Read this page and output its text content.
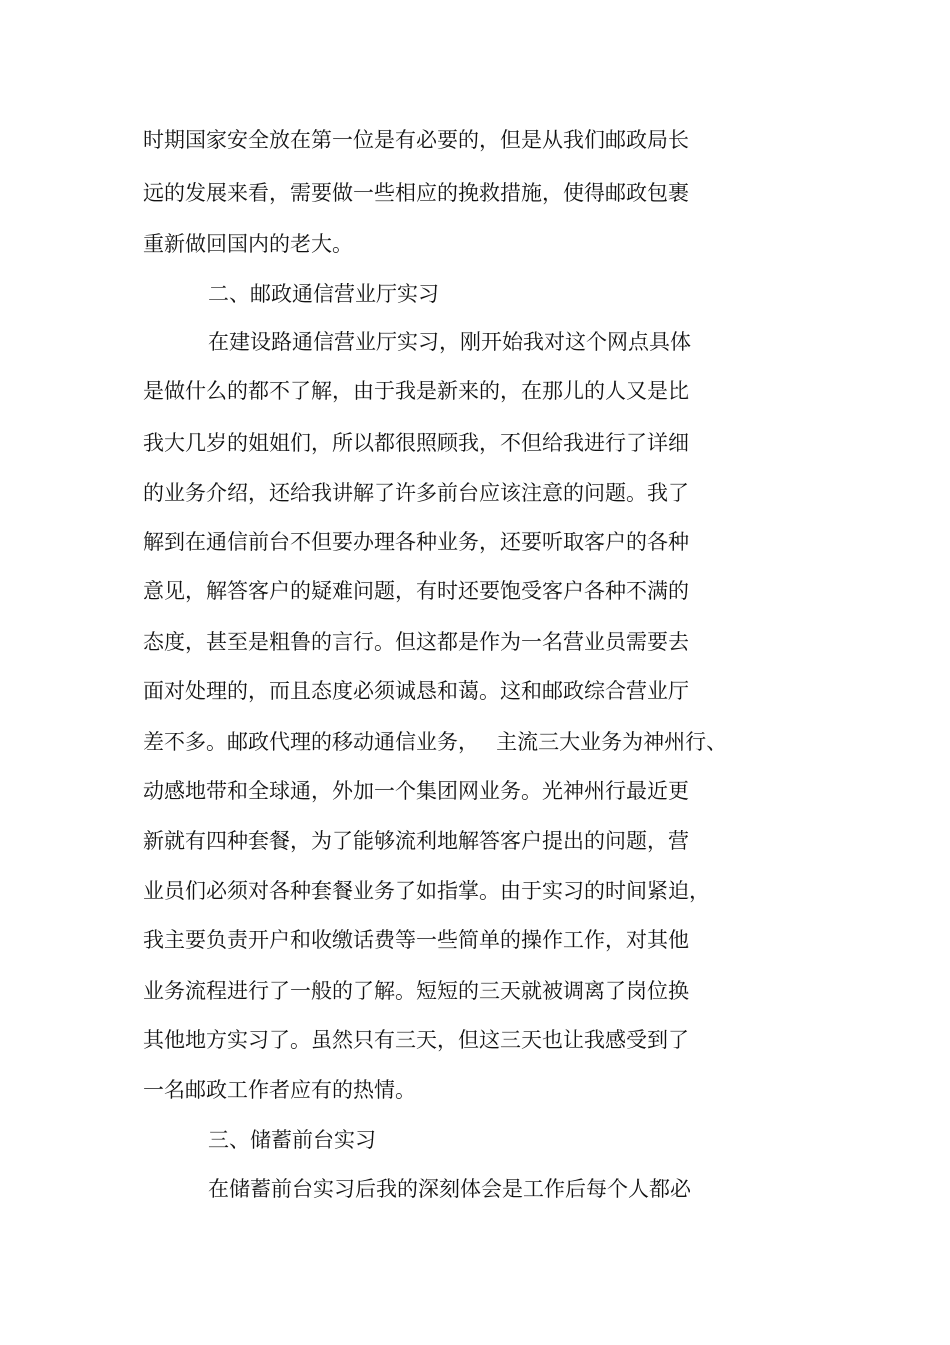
时期国家安全放在第一位是有必要的，但是从我们邮政局长
远的发展来看，需要做一些相应的挽救措施，使得邮政包裹
重新做回国内的老大。
二、邮政通信营业厅实习
在建设路通信营业厅实习，刚开始我对这个网点具体
是做什么的都不了解，由于我是新来的，在那儿的人又是比
我大几岁的姐姐们，所以都很照顾我，不但给我进行了详细
的业务介绍，还给我讲解了许多前台应该注意的问题。我了
解到在通信前台不但要办理各种业务，还要听取客户的各种
意见，解答客户的疑难问题，有时还要饱受客户各种不满的
态度，甚至是粗鲁的言行。但这都是作为一名营业员需要去
面对处理的，而且态度必须诚恳和蔼。这和邮政综合营业厅
差不多。邮政代理的移动通信业务，　 主流三大业务为神州行、
动感地带和全球通，外加一个集团网业务。光神州行最近更
新就有四种套餐，为了能够流利地解答客户提出的问题，营
业员们必须对各种套餐业务了如指掌。由于实习的时间紧迫，
我主要负责开户和收缴话费等一些简单的操作工作，对其他
业务流程进行了一般的了解。短短的三天就被调离了岗位换
其他地方实习了。虽然只有三天，但这三天也让我感受到了
一名邮政工作者应有的热情。
三、储蓄前台实习
在储蓄前台实习后我的深刻体会是工作后每个人都必
